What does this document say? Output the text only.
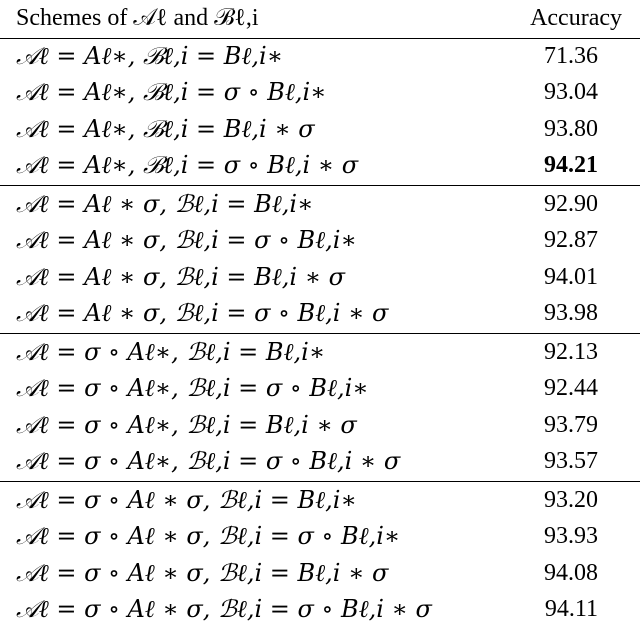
Schemes of 𝒜ℓ and ℬℓ,i	Accuracy
𝒜ℓ = Aℓ∗, ℬℓ,i = Bℓ,i∗	71.36
𝒜ℓ = Aℓ∗, ℬℓ,i = σ ∘ Bℓ,i∗	93.04
𝒜ℓ = Aℓ∗, ℬℓ,i = Bℓ,i ∗ σ	93.80
𝒜ℓ = Aℓ∗, ℬℓ,i = σ ∘ Bℓ,i ∗ σ	94.21
𝒜ℓ = Aℓ ∗ σ, ℬℓ,i = Bℓ,i∗	92.90
𝒜ℓ = Aℓ ∗ σ, ℬℓ,i = σ ∘ Bℓ,i∗	92.87
𝒜ℓ = Aℓ ∗ σ, ℬℓ,i = Bℓ,i ∗ σ	94.01
𝒜ℓ = Aℓ ∗ σ, ℬℓ,i = σ ∘ Bℓ,i ∗ σ	93.98
𝒜ℓ = σ ∘ Aℓ∗, ℬℓ,i = Bℓ,i∗	92.13
𝒜ℓ = σ ∘ Aℓ∗, ℬℓ,i = σ ∘ Bℓ,i∗	92.44
𝒜ℓ = σ ∘ Aℓ∗, ℬℓ,i = Bℓ,i ∗ σ	93.79
𝒜ℓ = σ ∘ Aℓ∗, ℬℓ,i = σ ∘ Bℓ,i ∗ σ	93.57
𝒜ℓ = σ ∘ Aℓ ∗ σ, ℬℓ,i = Bℓ,i∗	93.20
𝒜ℓ = σ ∘ Aℓ ∗ σ, ℬℓ,i = σ ∘ Bℓ,i∗	93.93
𝒜ℓ = σ ∘ Aℓ ∗ σ, ℬℓ,i = Bℓ,i ∗ σ	94.08
𝒜ℓ = σ ∘ Aℓ ∗ σ, ℬℓ,i = σ ∘ Bℓ,i ∗ σ	94.11
